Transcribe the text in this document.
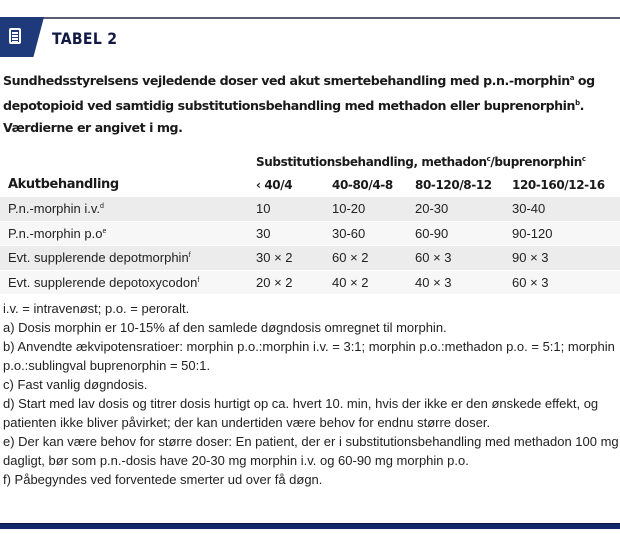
TABEL 2
Sundhedsstyrelsens vejledende doser ved akut smertebehandling med p.n.-morphin$^a$ og depotopioid ved samtidig substitutionsbehandling med methadon eller buprenorphin$^b$. Værdierne er angivet i mg.
	Substitutionsbehandling, methadon$^c$/buprenorphin$^c$
Akutbehandling	‹ 40/4	40-80/4-8	80-120/8-12	120-160/12-16
P.n.-morphin i.v.$^d$	10	10-20	20-30	30-40
P.n.-morphin $p.o^e$	30	30-60	60-90	90-120
Evt. supplerende depotmorphin$^f$	30 × 2	60 × 2	60 × 3	90 × 3
Evt. supplerende depotoxycodon$^f$	20 × 2	40 × 2	40 × 3	60 × 3
i.v. = intravenøst; p.o. = peroralt.
a) Dosis morphin er 10-15% af den samlede døgndosis omregnet til morphin.
b) Anvendte ækvipotensratioer: morphin p.o.:morphin i.v. = 3:1; morphin p.o.:methadon p.o. = 5:1; morphin p.o.:sublingval buprenorphin = 50:1.
c) Fast vanlig døgndosis.
d) Start med lav dosis og titrer dosis hurtigt op ca. hvert 10. min, hvis der ikke er den ønskede effekt, og patienten ikke bliver påvirket; der kan undertiden være behov for endnu større doser.
e) Der kan være behov for større doser: En patient, der er i substitutionsbehandling med methadon 100 mg dagligt, bør som p.n.-dosis have 20-30 mg morphin i.v. og 60-90 mg morphin p.o.
f) Påbegyndes ved forventede smerter ud over få døgn.
